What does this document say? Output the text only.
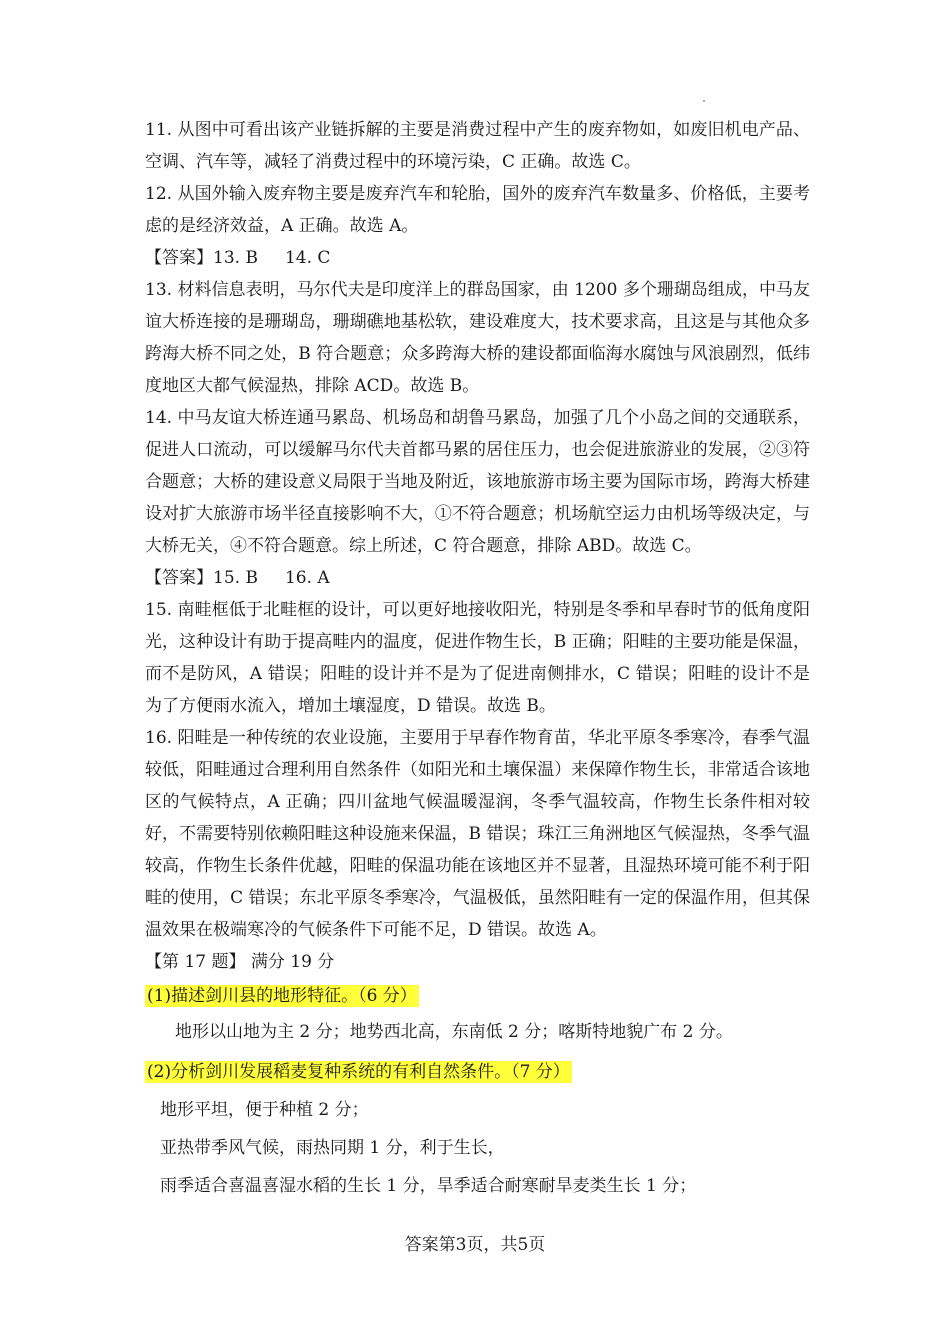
11. 从图中可看出该产业链拆解的主要是消费过程中产生的废弃物如，如废旧机电产品、空调、汽车等，减轻了消费过程中的环境污染，C 正确。故选 C。

12. 从国外输入废弃物主要是废弃汽车和轮胎，国外的废弃汽车数量多、价格低，主要考虑的是经济效益，A 正确。故选 A。

【答案】13. B     14. C

13. 材料信息表明，马尔代夫是印度洋上的群岛国家，由 1200 多个珊瑚岛组成，中马友谊大桥连接的是珊瑚岛，珊瑚礁地基松软，建设难度大，技术要求高，且这是与其他众多跨海大桥不同之处，B 符合题意；众多跨海大桥的建设都面临海水腐蚀与风浪剧烈，低纬度地区大都气候湿热，排除 ACD。故选 B。

14. 中马友谊大桥连通马累岛、机场岛和胡鲁马累岛，加强了几个小岛之间的交通联系，促进人口流动，可以缓解马尔代夫首都马累的居住压力，也会促进旅游业的发展，②③符合题意；大桥的建设意义局限于当地及附近，该地旅游市场主要为国际市场，跨海大桥建设对扩大旅游市场半径直接影响不大，①不符合题意；机场航空运力由机场等级决定，与大桥无关，④不符合题意。综上所述，C 符合题意，排除 ABD。故选 C。

【答案】15. B     16. A

15. 南畦框低于北畦框的设计，可以更好地接收阳光，特别是冬季和早春时节的低角度阳光，这种设计有助于提高畦内的温度，促进作物生长，B 正确；阳畦的主要功能是保温，而不是防风，A 错误；阳畦的设计并不是为了促进南侧排水，C 错误；阳畦的设计不是为了方便雨水流入，增加土壤湿度，D 错误。故选 B。

16. 阳畦是一种传统的农业设施，主要用于早春作物育苗，华北平原冬季寒冷，春季气温较低，阳畦通过合理利用自然条件（如阳光和土壤保温）来保障作物生长，非常适合该地区的气候特点，A 正确；四川盆地气候温暖湿润，冬季气温较高，作物生长条件相对较好，不需要特别依赖阳畦这种设施来保温，B 错误；珠江三角洲地区气候湿热，冬季气温较高，作物生长条件优越，阳畦的保温功能在该地区并不显著，且湿热环境可能不利于阳畦的使用，C 错误；东北平原冬季寒冷，气温极低，虽然阳畦有一定的保温作用，但其保温效果在极端寒冷的气候条件下可能不足，D 错误。故选 A。

【第 17 题】 满分 19 分

(1)描述剑川县的地形特征。（6 分）

地形以山地为主 2 分；地势西北高，东南低 2 分；喀斯特地貌广布 2 分。

(2)分析剑川发展稻麦复种系统的有利自然条件。（7 分）

地形平坦，便于种植 2 分；

亚热带季风气候，雨热同期 1 分，利于生长，

雨季适合喜温喜湿水稻的生长 1 分，旱季适合耐寒耐旱麦类生长 1 分；

答案第3页，共5页
